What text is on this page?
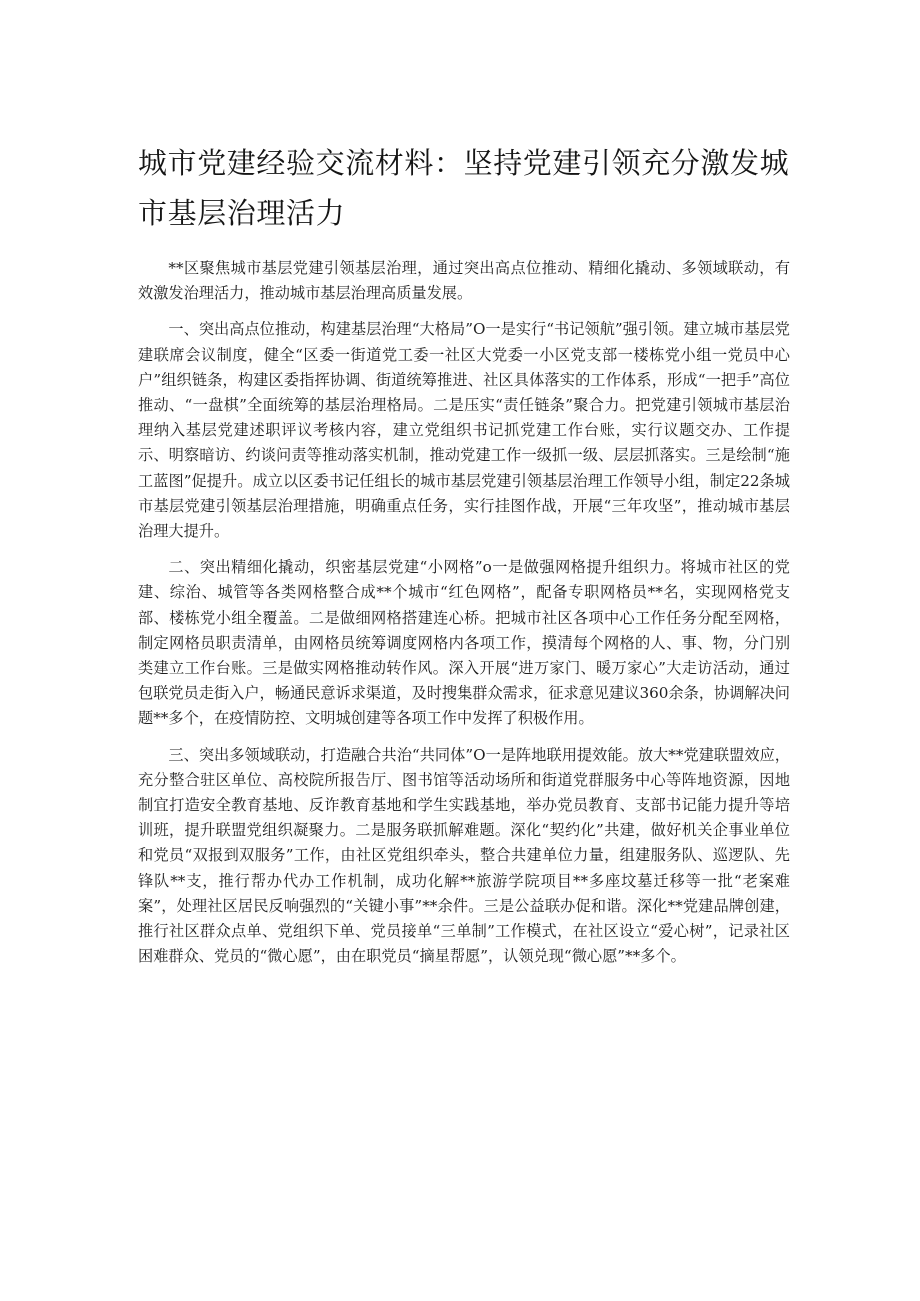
城市党建经验交流材料：坚持党建引领充分激发城市基层治理活力

**区聚焦城市基层党建引领基层治理，通过突出高点位推动、精细化撬动、多领域联动，有效激发治理活力，推动城市基层治理高质量发展。

一、突出高点位推动，构建基层治理“大格局”O一是实行“书记领航”强引领。建立城市基层党建联席会议制度，健全“区委一街道党工委一社区大党委一小区党支部一楼栋党小组一党员中心户”组织链条，构建区委指挥协调、街道统筹推进、社区具体落实的工作体系，形成“一把手”高位推动、“一盘棋”全面统筹的基层治理格局。二是压实“责任链条”聚合力。把党建引领城市基层治理纳入基层党建述职评议考核内容，建立党组织书记抓党建工作台账，实行议题交办、工作提示、明察暗访、约谈问责等推动落实机制，推动党建工作一级抓一级、层层抓落实。三是绘制“施工蓝图”促提升。成立以区委书记任组长的城市基层党建引领基层治理工作领导小组，制定22条城市基层党建引领基层治理措施，明确重点任务，实行挂图作战，开展“三年攻坚”，推动城市基层治理大提升。

二、突出精细化撬动，织密基层党建“小网格”o一是做强网格提升组织力。将城市社区的党建、综治、城管等各类网格整合成**个城市“红色网格”，配备专职网格员**名，实现网格党支部、楼栋党小组全覆盖。二是做细网格搭建连心桥。把城市社区各项中心工作任务分配至网格，制定网格员职责清单，由网格员统筹调度网格内各项工作，摸清每个网格的人、事、物，分门别类建立工作台账。三是做实网格推动转作风。深入开展“进万家门、暖万家心”大走访活动，通过包联党员走街入户，畅通民意诉求渠道，及时搜集群众需求，征求意见建议360余条，协调解决问题**多个，在疫情防控、文明城创建等各项工作中发挥了积极作用。

三、突出多领域联动，打造融合共治“共同体”O一是阵地联用提效能。放大**党建联盟效应，充分整合驻区单位、高校院所报告厅、图书馆等活动场所和街道党群服务中心等阵地资源，因地制宜打造安全教育基地、反诈教育基地和学生实践基地，举办党员教育、支部书记能力提升等培训班，提升联盟党组织凝聚力。二是服务联抓解难题。深化“契约化”共建，做好机关企事业单位和党员“双报到双服务”工作，由社区党组织牵头，整合共建单位力量，组建服务队、巡逻队、先锋队**支，推行帮办代办工作机制，成功化解**旅游学院项目**多座坟墓迁移等一批“老案难案”，处理社区居民反响强烈的“关键小事”**余件。三是公益联办促和谐。深化**党建品牌创建，推行社区群众点单、党组织下单、党员接单“三单制”工作模式，在社区设立“爱心树”，记录社区困难群众、党员的“微心愿”，由在职党员“摘星帮愿”，认领兑现“微心愿”**多个。
